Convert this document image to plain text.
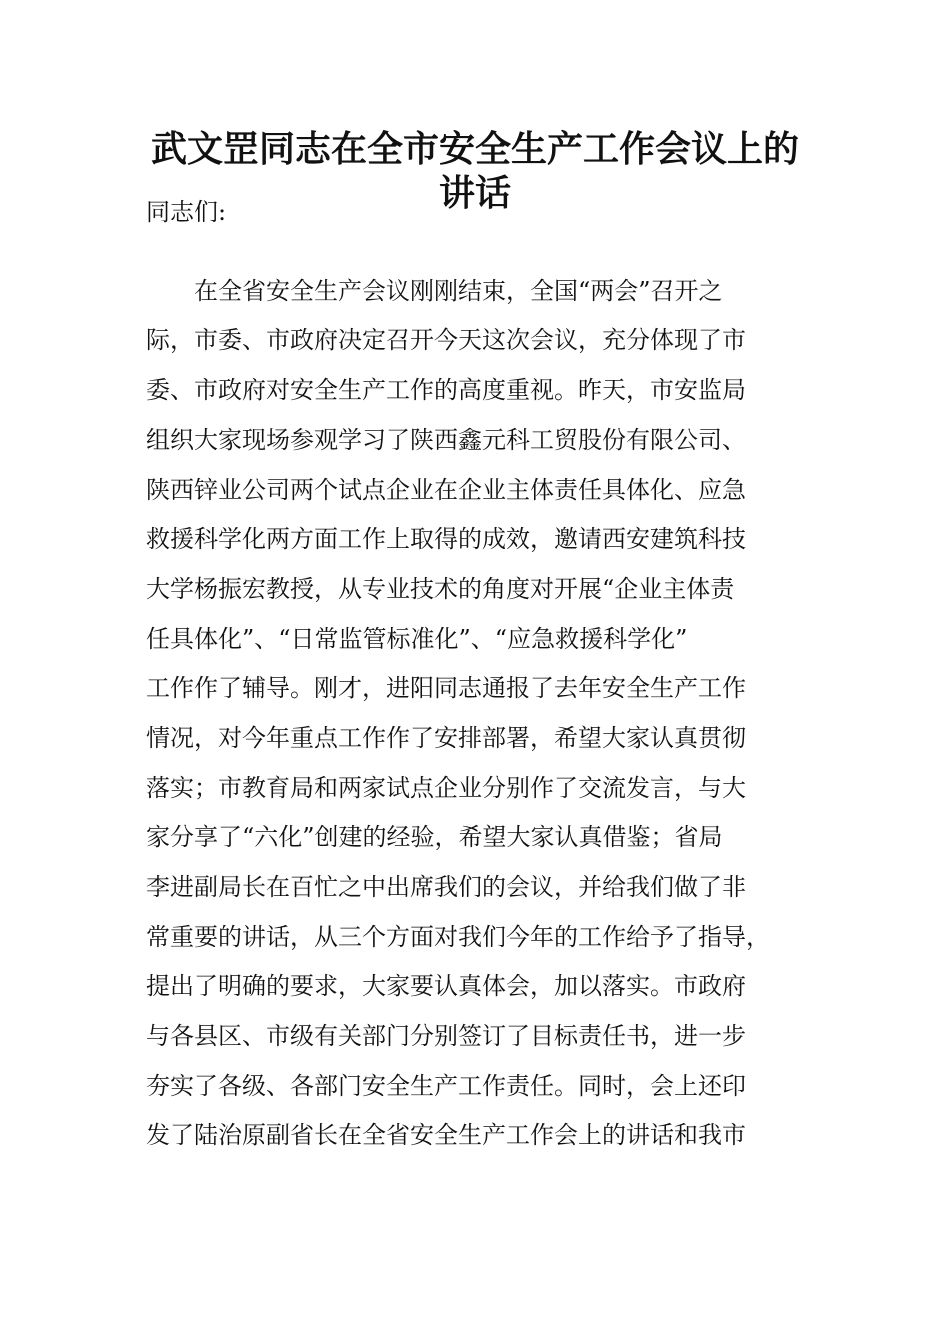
武文罡同志在全市安全生产工作会议上的
讲话

同志们:

　　在全省安全生产会议刚刚结束，全国“两会”召开之

际，市委、市政府决定召开今天这次会议，充分体现了市

委、市政府对安全生产工作的高度重视。昨天，市安监局

组织大家现场参观学习了陕西鑫元科工贸股份有限公司、

陕西锌业公司两个试点企业在企业主体责任具体化、应急

救援科学化两方面工作上取得的成效，邀请西安建筑科技

大学杨振宏教授，从专业技术的角度对开展“企业主体责

任具体化”、“日常监管标准化”、“应急救援科学化”

工作作了辅导。刚才，进阳同志通报了去年安全生产工作

情况，对今年重点工作作了安排部署，希望大家认真贯彻

落实；市教育局和两家试点企业分别作了交流发言，与大

家分享了“六化”创建的经验，希望大家认真借鉴；省局

李进副局长在百忙之中出席我们的会议，并给我们做了非

常重要的讲话，从三个方面对我们今年的工作给予了指导，

提出了明确的要求，大家要认真体会，加以落实。市政府

与各县区、市级有关部门分别签订了目标责任书，进一步

夯实了各级、各部门安全生产工作责任。同时，会上还印

发了陆治原副省长在全省安全生产工作会上的讲话和我市
